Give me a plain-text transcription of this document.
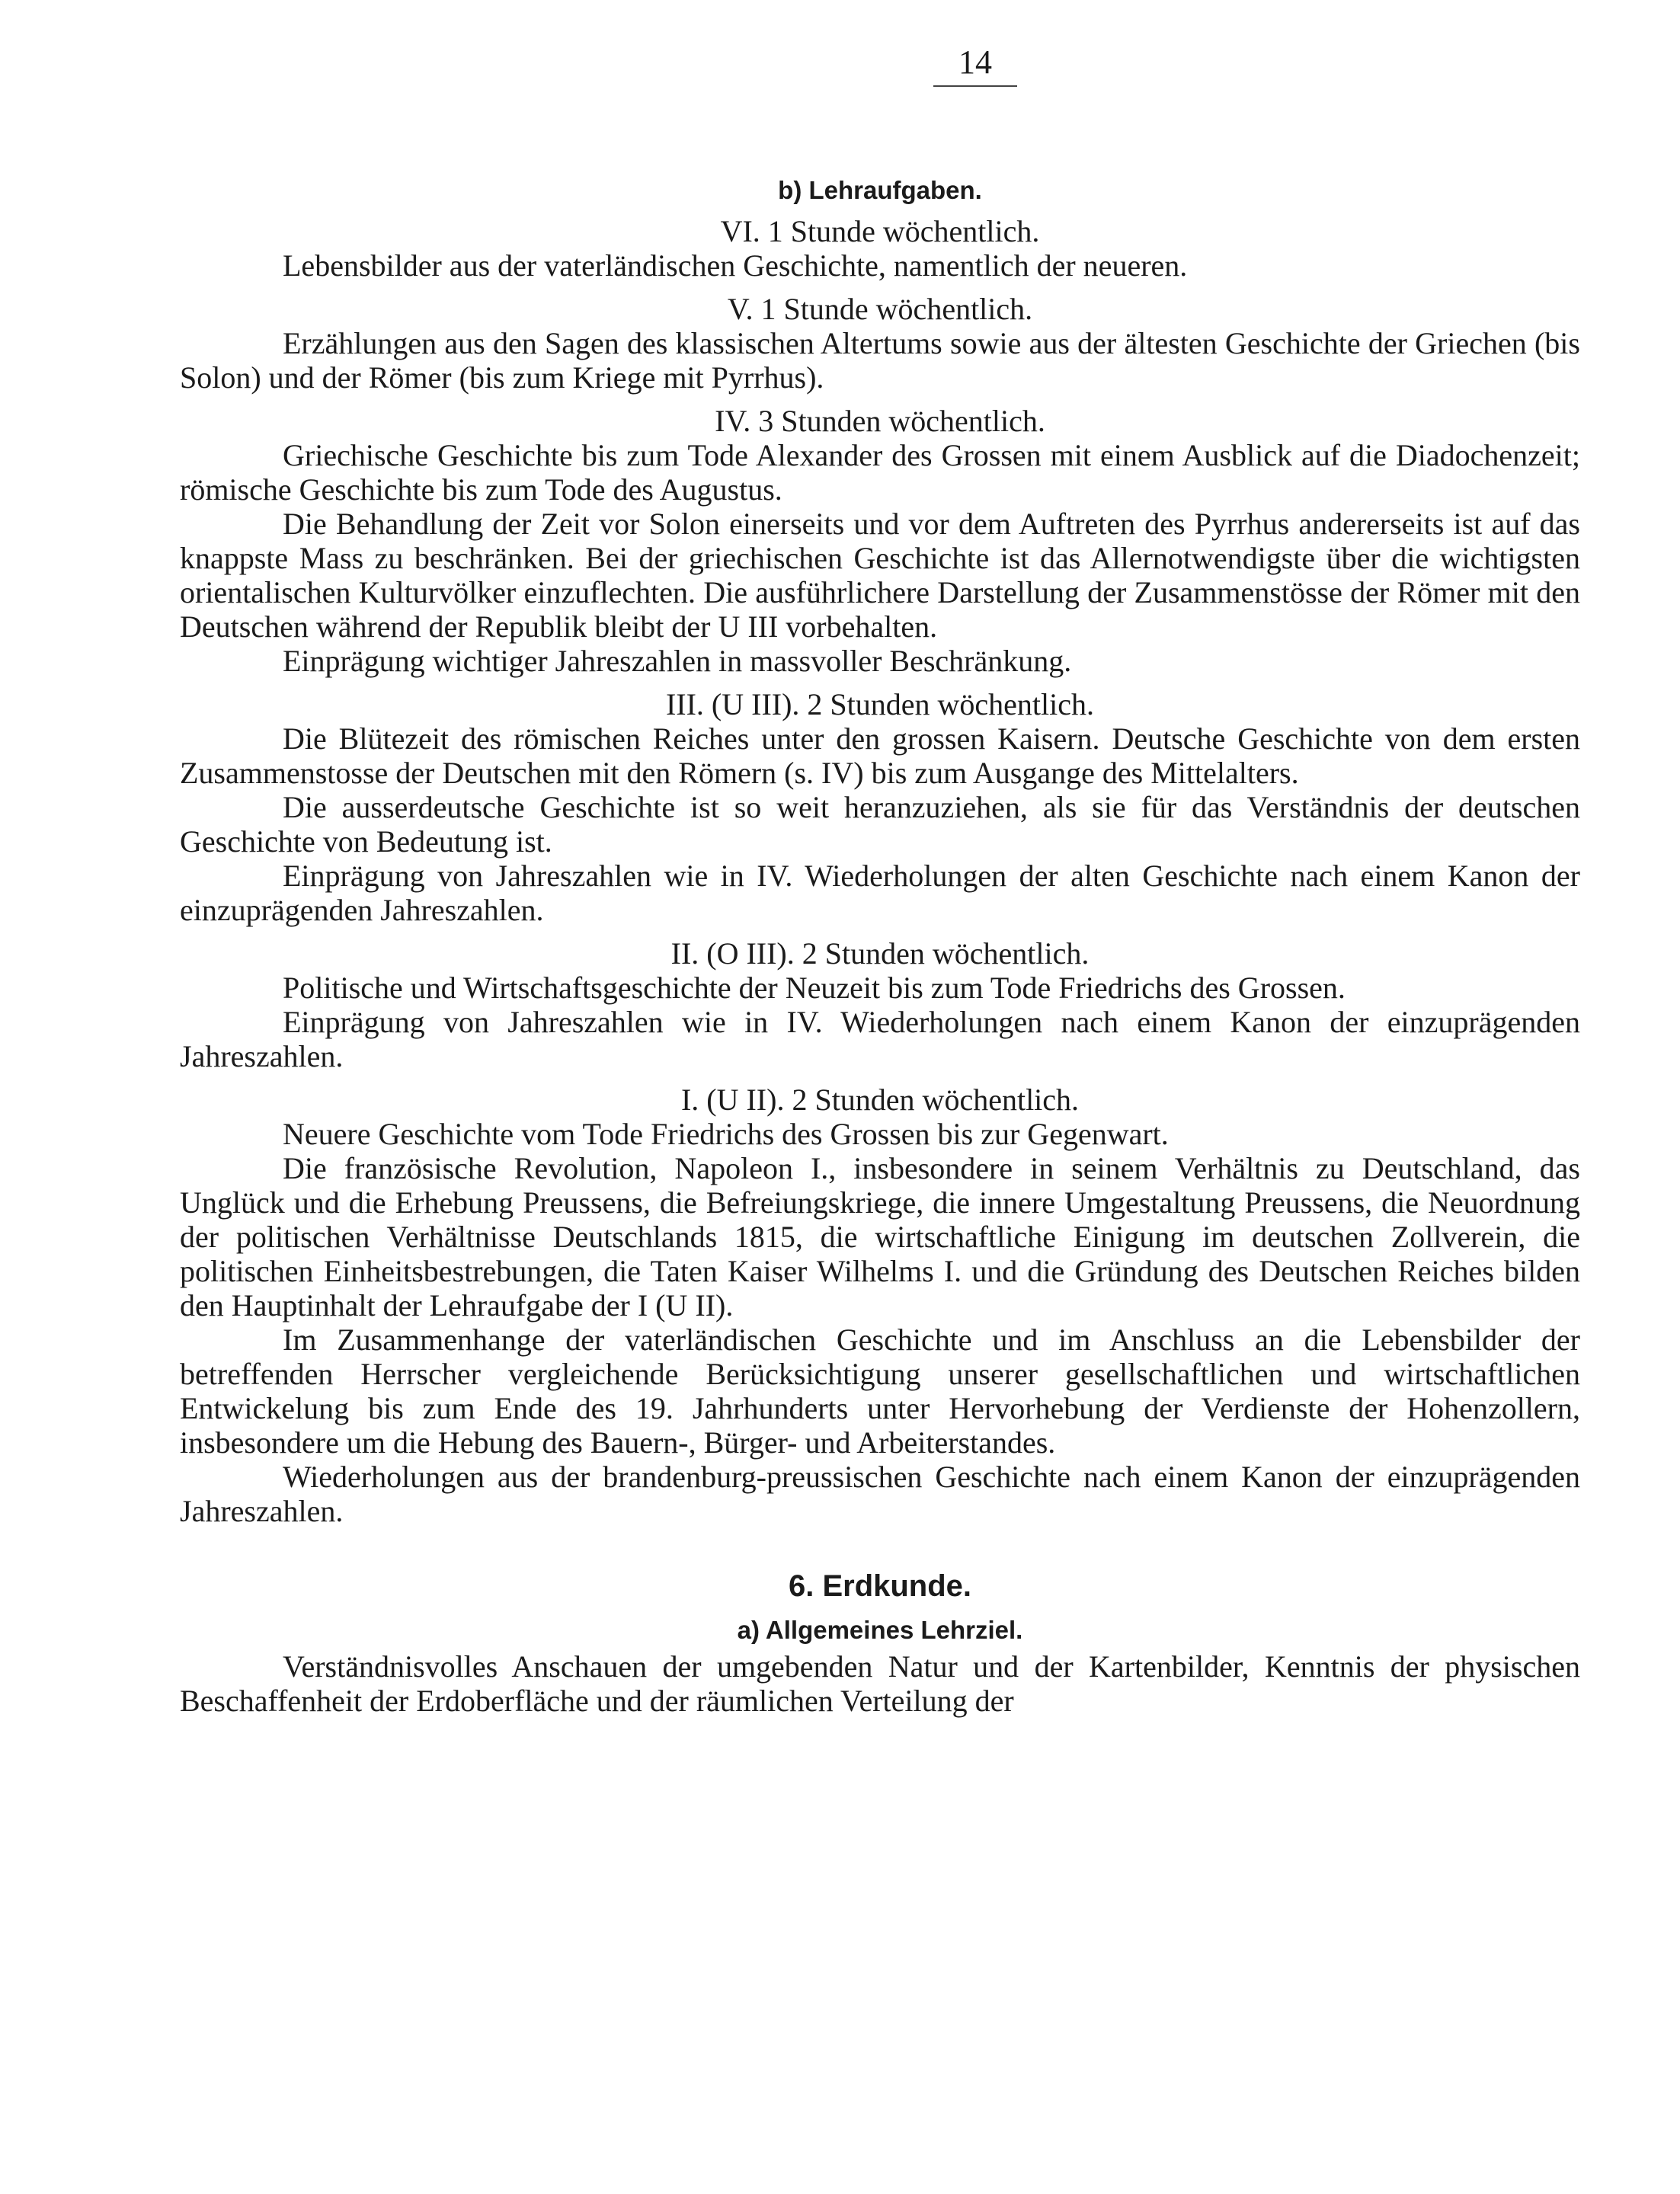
14
b) Lehraufgaben.
VI. 1 Stunde wöchentlich.

Lebensbilder aus der vaterländischen Geschichte, namentlich der neueren.

V. 1 Stunde wöchentlich.

Erzählungen aus den Sagen des klassischen Altertums sowie aus der ältesten Geschichte der Griechen (bis Solon) und der Römer (bis zum Kriege mit Pyrrhus).

IV. 3 Stunden wöchentlich.

Griechische Geschichte bis zum Tode Alexander des Grossen mit einem Ausblick auf die Diadochenzeit; römische Geschichte bis zum Tode des Augustus.

Die Behandlung der Zeit vor Solon einerseits und vor dem Auftreten des Pyrrhus andererseits ist auf das knappste Mass zu beschränken. Bei der griechischen Geschichte ist das Allernotwendigste über die wichtigsten orientalischen Kulturvölker einzuflechten. Die ausführlichere Darstellung der Zusammenstösse der Römer mit den Deutschen während der Republik bleibt der U III vorbehalten.

Einprägung wichtiger Jahreszahlen in massvoller Beschränkung.

III. (U III). 2 Stunden wöchentlich.

Die Blütezeit des römischen Reiches unter den grossen Kaisern. Deutsche Geschichte von dem ersten Zusammenstosse der Deutschen mit den Römern (s. IV) bis zum Ausgange des Mittelalters.

Die ausserdeutsche Geschichte ist so weit heranzuziehen, als sie für das Verständnis der deutschen Geschichte von Bedeutung ist.

Einprägung von Jahreszahlen wie in IV. Wiederholungen der alten Geschichte nach einem Kanon der einzuprägenden Jahreszahlen.

II. (O III). 2 Stunden wöchentlich.

Politische und Wirtschaftsgeschichte der Neuzeit bis zum Tode Friedrichs des Grossen.

Einprägung von Jahreszahlen wie in IV. Wiederholungen nach einem Kanon der einzuprägenden Jahreszahlen.

I. (U II). 2 Stunden wöchentlich.

Neuere Geschichte vom Tode Friedrichs des Grossen bis zur Gegenwart.

Die französische Revolution, Napoleon I., insbesondere in seinem Verhältnis zu Deutschland, das Unglück und die Erhebung Preussens, die Befreiungskriege, die innere Umgestaltung Preussens, die Neuordnung der politischen Verhältnisse Deutschlands 1815, die wirtschaftliche Einigung im deutschen Zollverein, die politischen Einheitsbestrebungen, die Taten Kaiser Wilhelms I. und die Gründung des Deutschen Reiches bilden den Hauptinhalt der Lehraufgabe der I (U II).

Im Zusammenhange der vaterländischen Geschichte und im Anschluss an die Lebensbilder der betreffenden Herrscher vergleichende Berücksichtigung unserer gesellschaftlichen und wirtschaftlichen Entwickelung bis zum Ende des 19. Jahrhunderts unter Hervorhebung der Verdienste der Hohenzollern, insbesondere um die Hebung des Bauern-, Bürger- und Arbeiterstandes.

Wiederholungen aus der brandenburg-preussischen Geschichte nach einem Kanon der einzuprägenden Jahreszahlen.

6. Erdkunde.
a) Allgemeines Lehrziel.

Verständnisvolles Anschauen der umgebenden Natur und der Kartenbilder, Kenntnis der physischen Beschaffenheit der Erdoberfläche und der räumlichen Verteilung der
